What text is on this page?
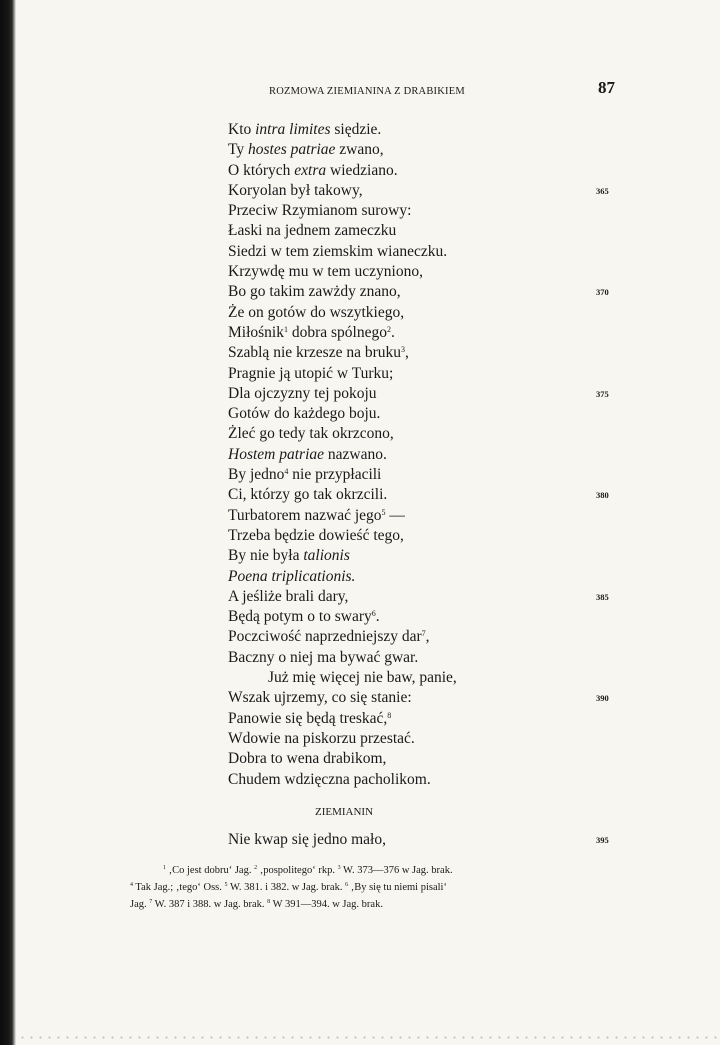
ROZMOWA ZIEMIANINA Z DRABIKIEM	87
Kto intra limites siędzie.
Ty hostes patriae zwano,
O których extra wiedziano.
Koryolan był takowy,	365
Przeciw Rzymianom surowy:
Łaski na jednem zameczku
Siedzi w tem ziemskim wianeczku.
Krzywdę mu w tem uczyniono,
Bo go takim zawżdy znano,	370
Że on gotów do wszytkiego,
Miłośnik$^1$ dobra spólnego$^2$.
Szablą nie krzesze na bruku$^3$,
Pragnie ją utopić w Turku;
Dla ojczyzny tej pokoju	375
Gotów do każdego boju.
Żleć go tedy tak okrzcono,
Hostem patriae nazwano.
By jedno$^4$ nie przypłacili
Ci, którzy go tak okrzcili.	380
Turbatorem nazwać jego$^5$ —
Trzeba będzie dowieść tego,
By nie była talionis
Poena triplicationis.
A jeśliże brali dary,	385
Będą potym o to swary$^6$.
Poczciwość naprzedniejszy dar$^7$,
Baczny o niej ma bywać gwar.
Już mię więcej nie baw, panie,
Wszak ujrzemy, co się stanie:	390
Panowie się będą treskać,$^8$
Wdowie na piskorzu przestać.
Dobra to wena drabikom,
Chudem wdzięczna pacholikom.
ZIEMIANIN
Nie kwap się jedno mało,	395

$^1$ ‚Co jest dobru‘ Jag. $^2$ ‚pospolitego‘ rkp. $^3$ W. 373—376 w Jag. brak.

$^4$ Tak Jag.; ‚tego‘ Oss. $^5$ W. 381. i 382. w Jag. brak. $^6$ ‚By się tu niemi pisali‘

Jag. $^7$ W. 387 i 388. w Jag. brak. $^8$ W 391—394. w Jag. brak.
